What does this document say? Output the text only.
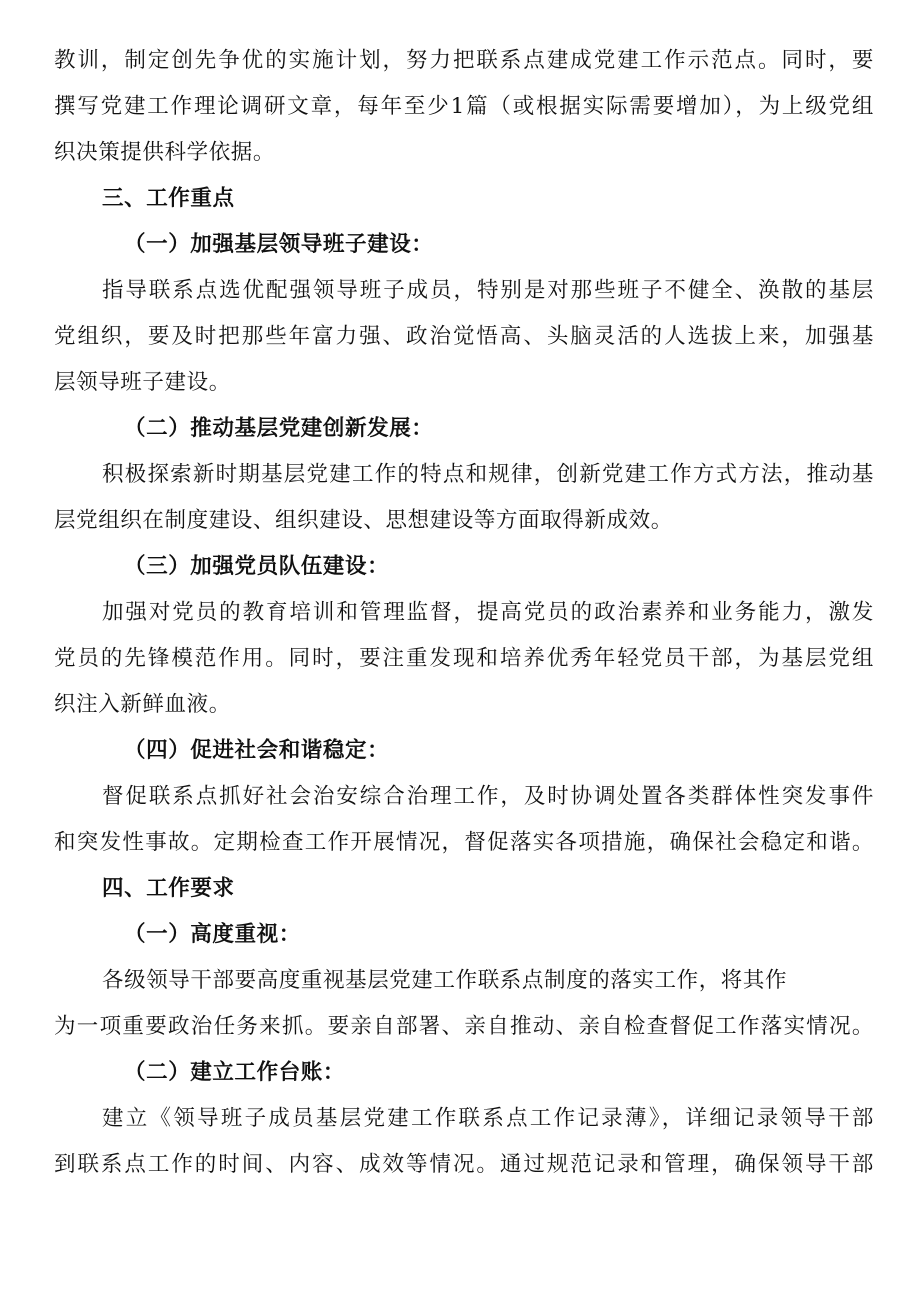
教训，制定创先争优的实施计划，努力把联系点建成党建工作示范点。同时，要
撰写党建工作理论调研文章，每年至少1篇（或根据实际需要增加），为上级党组
织决策提供科学依据。
三、工作重点
（一）加强基层领导班子建设：
指导联系点选优配强领导班子成员，特别是对那些班子不健全、涣散的基层
党组织，要及时把那些年富力强、政治觉悟高、头脑灵活的人选拔上来，加强基
层领导班子建设。
（二）推动基层党建创新发展：
积极探索新时期基层党建工作的特点和规律，创新党建工作方式方法，推动基
层党组织在制度建设、组织建设、思想建设等方面取得新成效。
（三）加强党员队伍建设：
加强对党员的教育培训和管理监督，提高党员的政治素养和业务能力，激发
党员的先锋模范作用。同时，要注重发现和培养优秀年轻党员干部，为基层党组
织注入新鲜血液。
（四）促进社会和谐稳定：
督促联系点抓好社会治安综合治理工作，及时协调处置各类群体性突发事件
和突发性事故。定期检查工作开展情况，督促落实各项措施，确保社会稳定和谐。
四、工作要求
（一）高度重视：
各级领导干部要高度重视基层党建工作联系点制度的落实工作，将其作
为一项重要政治任务来抓。要亲自部署、亲自推动、亲自检查督促工作落实情况。
（二）建立工作台账：
建立《领导班子成员基层党建工作联系点工作记录薄》，详细记录领导干部
到联系点工作的时间、内容、成效等情况。通过规范记录和管理，确保领导干部
